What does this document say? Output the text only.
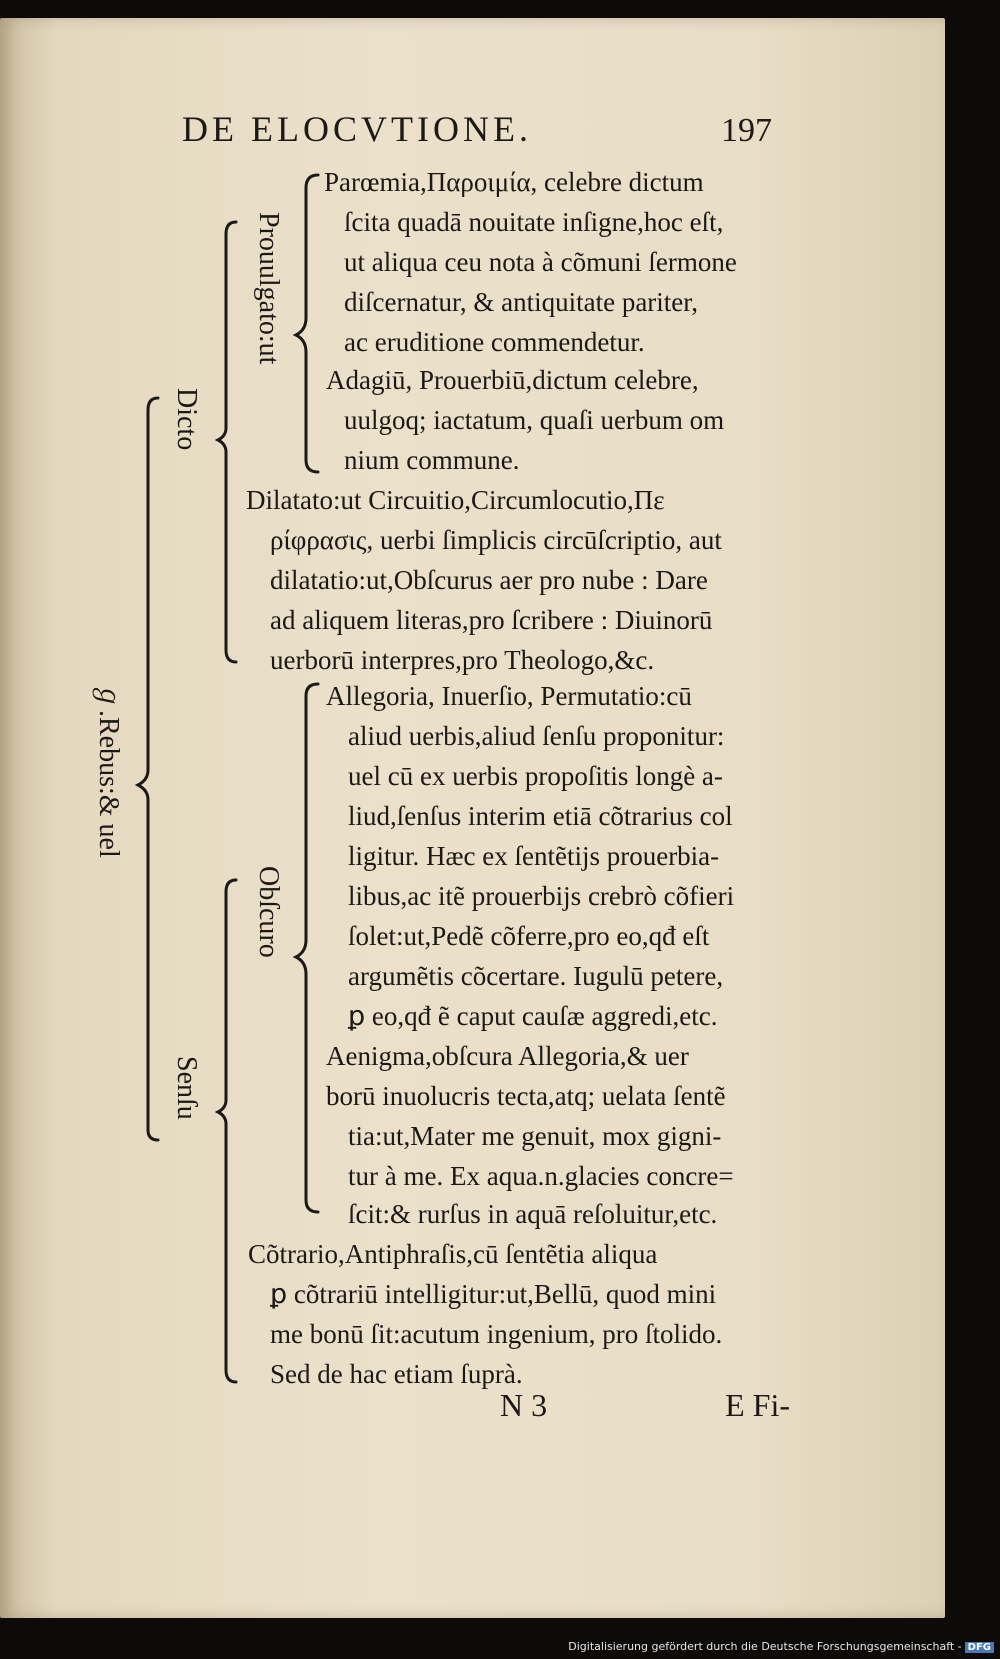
DE ELOCVTIONE.	197
Prouulgato:ut
Dicto
ℊ.Rebus:& uel
Obſcuro
Senſu
Parœmia,Παροιμία, celebre dictum
ſcita quadā nouitate inſigne,hoc eſt,
ut aliqua ceu nota à cõmuni ſermone
diſcernatur, & antiquitate pariter,
ac eruditione commendetur.
Adagiū, Prouerbiū,dictum celebre,
uulgoq; iactatum, quaſi uerbum om
nium commune.
Dilatato:ut Circuitio,Circumlocutio,Πε
ρίφρασις, uerbi ſimplicis circūſcriptio, aut
dilatatio:ut,Obſcurus aer pro nube : Dare
ad aliquem literas,pro ſcribere : Diuinorū
uerborū interpres,pro Theologo,&c.
Allegoria, Inuerſio, Permutatio:cū
aliud uerbis,aliud ſenſu proponitur:
uel cū ex uerbis propoſitis longè a-
liud,ſenſus interim etiā cõtrarius col
ligitur. Hæc ex ſentẽtijs prouerbia-
libus,ac itẽ prouerbijs crebrò cõfieri
ſolet:ut,Pedẽ cõferre,pro eo,qđ eſt
argumẽtis cõcertare. Iugulū petere,
ꝑ eo,qđ ẽ caput cauſæ aggredi,etc.
Aenigma,obſcura Allegoria,& uer
borū inuolucris tecta,atq; uelata ſentẽ
tia:ut,Mater me genuit, mox gigni-
tur à me. Ex aqua.n.glacies concre=
ſcit:& rurſus in aquā reſoluitur,etc.
Cõtrario,Antiphraſis,cū ſentẽtia aliqua
ꝑ cõtrariū intelligitur:ut,Bellū, quod mini
me bonū ſit:acutum ingenium, pro ſtolido.
Sed de hac etiam ſuprà.
N 3	E Fi-
Digitalisierung gefördert durch die Deutsche Forschungsgemeinschaft - DFG
